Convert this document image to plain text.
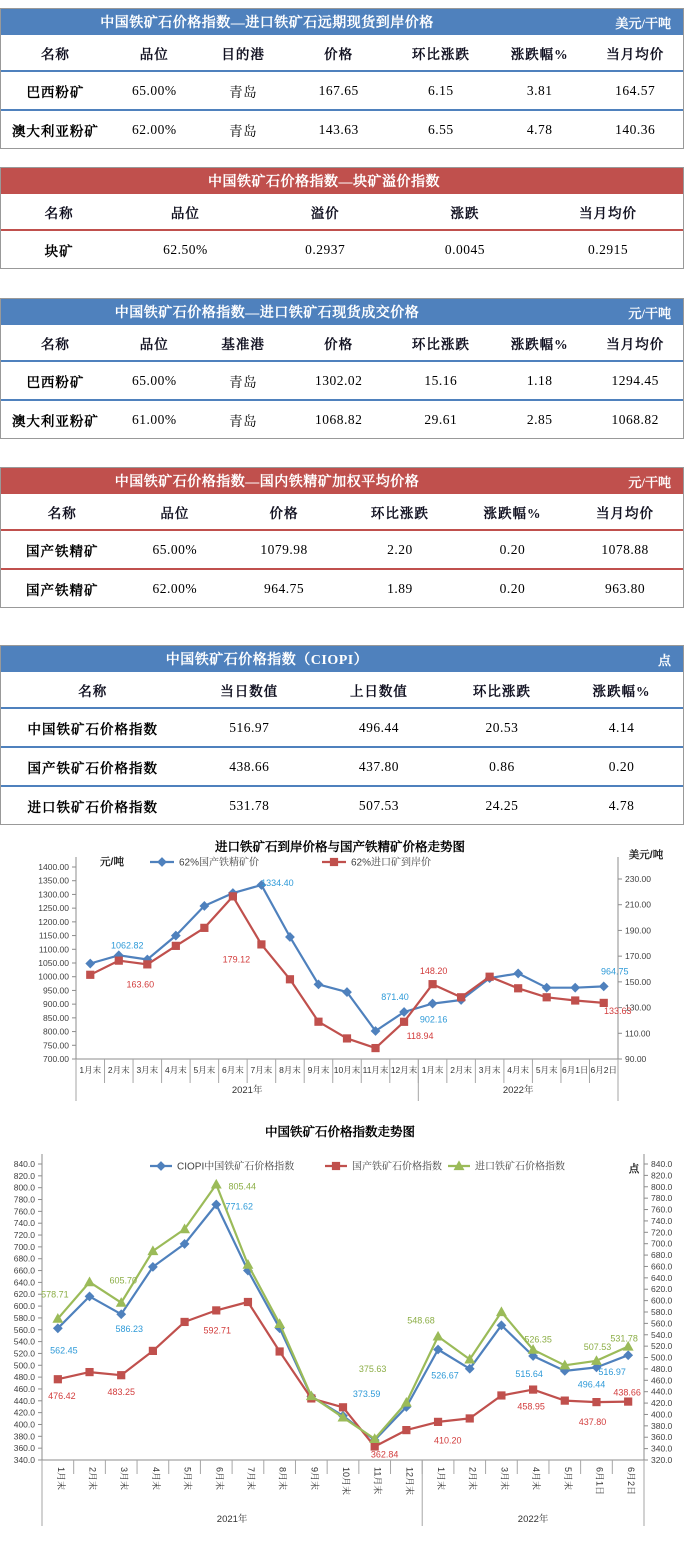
中国铁矿石价格指数—进口铁矿石远期现货到岸价格	美元/干吨
名称	品位	目的港	价格	环比涨跌	涨跌幅%	当月均价
巴西粉矿	65.00%	青岛	167.65	6.15	3.81	164.57
澳大利亚粉矿	62.00%	青岛	143.63	6.55	4.78	140.36
中国铁矿石价格指数—块矿溢价指数
名称	品位	溢价	涨跌	当月均价
块矿	62.50%	0.2937	0.0045	0.2915
中国铁矿石价格指数—进口铁矿石现货成交价格	元/干吨
名称	品位	基准港	价格	环比涨跌	涨跌幅%	当月均价
巴西粉矿	65.00%	青岛	1302.02	15.16	1.18	1294.45
澳大利亚粉矿	61.00%	青岛	1068.82	29.61	2.85	1068.82
中国铁矿石价格指数—国内铁精矿加权平均价格	元/干吨
名称	品位	价格	环比涨跌	涨跌幅%	当月均价
国产铁精矿	65.00%	1079.98	2.20	0.20	1078.88
国产铁精矿	62.00%	964.75	1.89	0.20	963.80
中国铁矿石价格指数（CIOPI）	点
名称	当日数值	上日数值	环比涨跌	涨跌幅%
中国铁矿石价格指数	516.97	496.44	20.53	4.14
国产铁矿石价格指数	438.66	437.80	0.86	0.20
进口铁矿石价格指数	531.78	507.53	24.25	4.78
进口铁矿石到岸价格与国产铁精矿价格走势图
元/吨
美元/吨
62%国产铁精矿价	62%进口矿到岸价
1400.00
1350.00
1300.00
1250.00
1200.00
1150.00
1100.00
1050.00
1000.00
950.00
900.00
850.00
800.00
750.00
700.00	90.00
110.00
130.00
150.00
170.00
190.00
210.00
230.00
1月末 2月末 3月末 4月末 5月末 6月末 7月末 8月末 9月末 10月末 11月末 12月末 1月末 2月末 3月末 4月末 5月末 6月1日 6月2日
2021年	2022年
1062.82
1334.40
871.40
902.16
964.75
163.60
179.12
118.94
148.20
133.63
中国铁矿石价格指数走势图
点
CIOPI中国铁矿石价格指数	国产铁矿石价格指数	进口铁矿石价格指数
840.0
820.0
800.0
780.0
760.0
740.0
720.0
700.0
680.0
660.0
640.0
620.0
600.0
580.0
560.0
540.0
520.0
500.0
480.0
460.0
440.0
420.0
400.0
380.0
360.0
340.0	320.0
340.0
360.0
380.0
400.0
420.0
440.0
460.0
480.0
500.0
520.0
540.0
560.0
580.0
600.0
620.0
640.0
660.0
680.0
700.0
720.0
740.0
760.0
780.0
800.0
820.0
840.0
1月末 2月末 3月末 4月末 5月末 6月末 7月末 8月末 9月末 10月末 11月末 12月末 1月末 2月末 3月末 4月末 5月末 6月1日 6月2日
2021年	2022年
562.45
586.23
771.62
373.59
526.67	515.64
496.44
516.97
476.42	483.25
592.71
362.84
410.20
458.95
437.80
438.66
578.71
605.70
805.44
375.63
548.68
526.35
507.53
531.78
